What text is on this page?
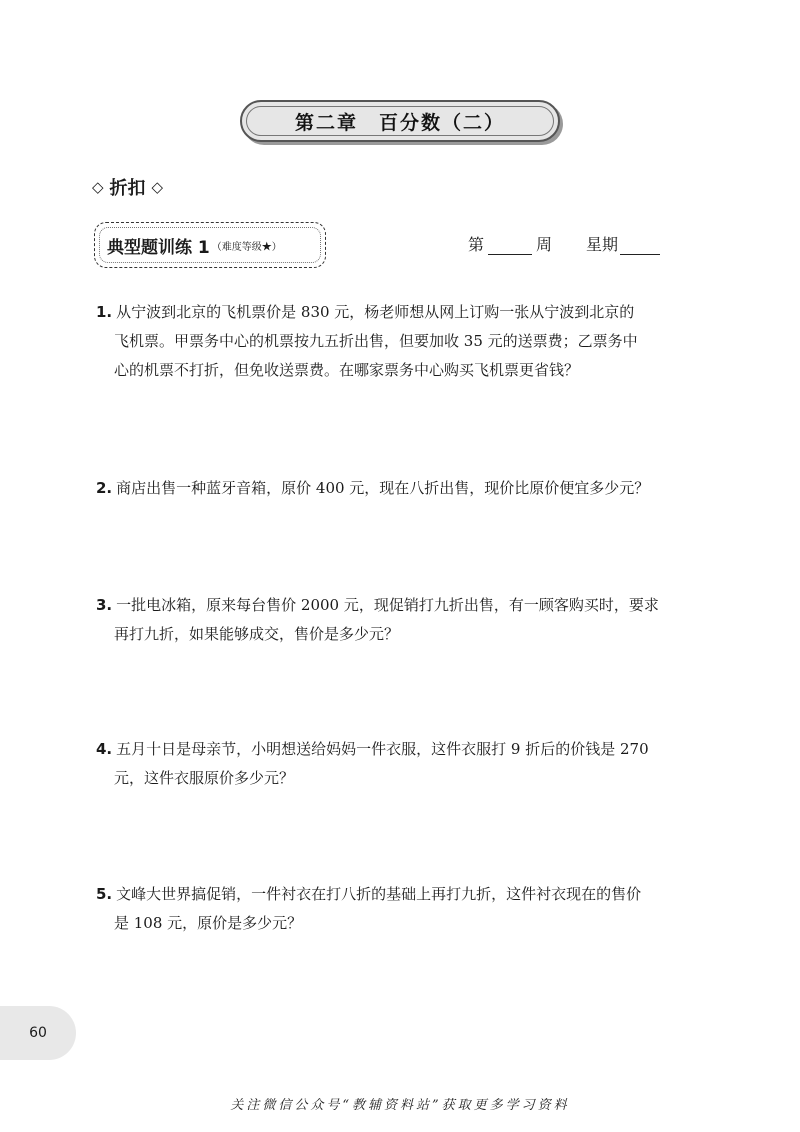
第二章　百分数（二）
◇ 折扣 ◇
典型题训练 1 （难度等级★）	第	周 星期
1. 从宁波到北京的飞机票价是 830 元，杨老师想从网上订购一张从宁波到北京的
飞机票。甲票务中心的机票按九五折出售，但要加收 35 元的送票费；乙票务中
心的机票不打折，但免收送票费。在哪家票务中心购买飞机票更省钱？
2. 商店出售一种蓝牙音箱，原价 400 元，现在八折出售，现价比原价便宜多少元？
3. 一批电冰箱，原来每台售价 2000 元，现促销打九折出售，有一顾客购买时，要求
再打九折，如果能够成交，售价是多少元？
4. 五月十日是母亲节，小明想送给妈妈一件衣服，这件衣服打 9 折后的价钱是 270
元，这件衣服原价多少元？
5. 文峰大世界搞促销，一件衬衣在打八折的基础上再打九折，这件衬衣现在的售价
是 108 元，原价是多少元？
60
关注微信公众号“教辅资料站”获取更多学习资料
